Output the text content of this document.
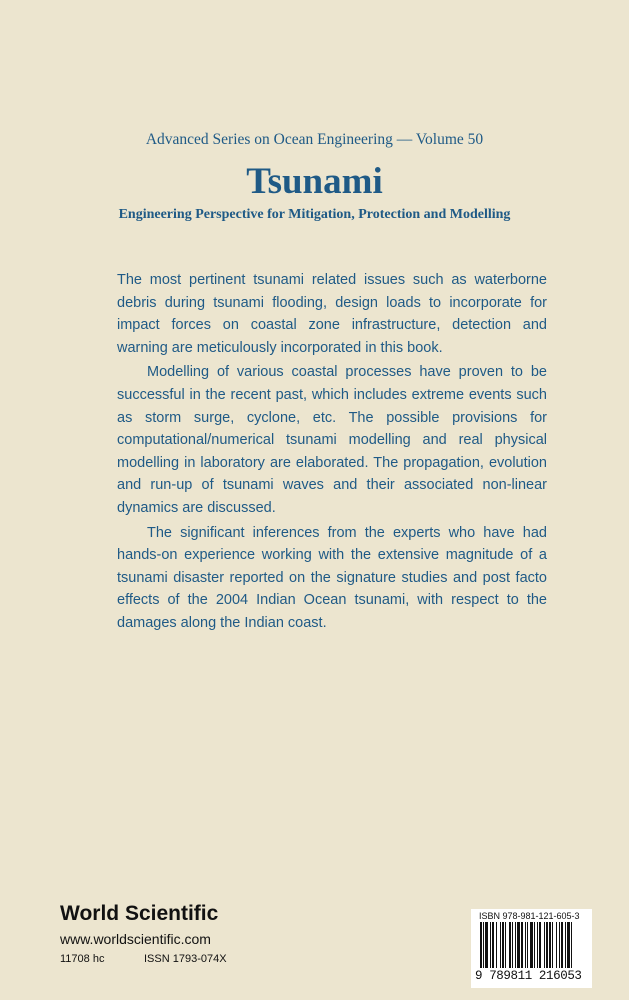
Advanced Series on Ocean Engineering — Volume 50
Tsunami
Engineering Perspective for Mitigation, Protection and Modelling

The most pertinent tsunami related issues such as waterborne debris during tsunami flooding, design loads to incorporate for impact forces on coastal zone infrastructure, detection and warning are meticulously incorporated in this book.

Modelling of various coastal processes have proven to be successful in the recent past, which includes extreme events such as storm surge, cyclone, etc. The possible provisions for computational/numerical tsunami modelling and real physical modelling in laboratory are elaborated. The propagation, evolution and run-up of tsunami waves and their associated non-linear dynamics are discussed.

The significant inferences from the experts who have had hands-on experience working with the extensive magnitude of a tsunami disaster reported on the signature studies and post facto effects of the 2004 Indian Ocean tsunami, with respect to the damages along the Indian coast.

World Scientific
www.worldscientific.com
11708 hc	ISSN 1793-074X
ISBN 978-981-121-605-3
9 789811 216053
